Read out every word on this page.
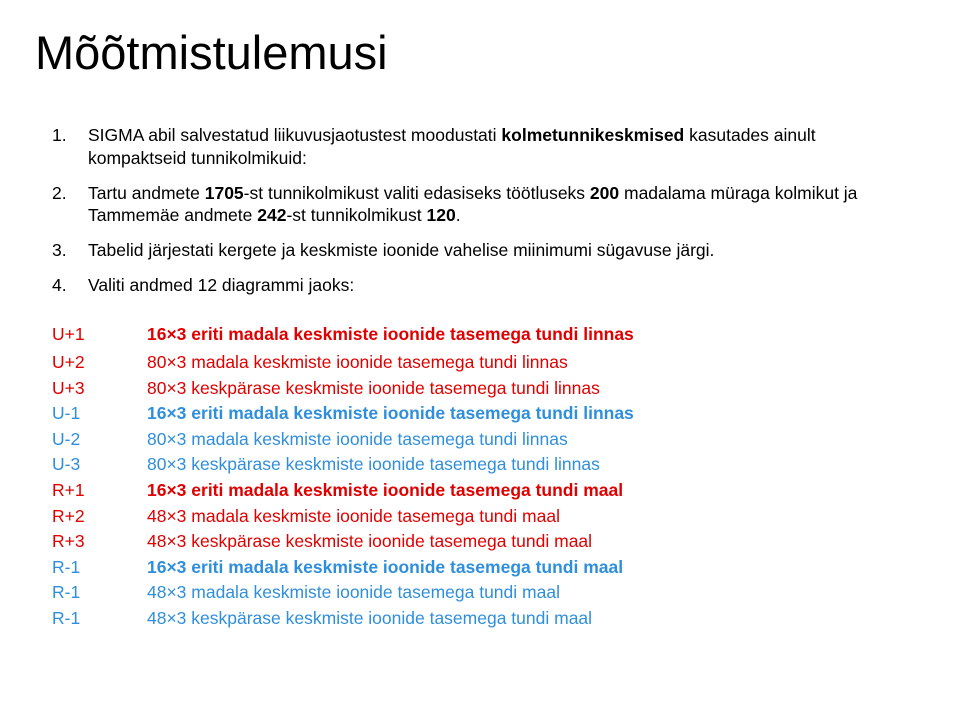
Mõõtmistulemusi
1.	SIGMA abil salvestatud liikuvusjaotustest moodustati kolmetunnikeskmised kasutades ainult kompaktseid tunnikolmikuid:
2.	Tartu andmete 1705-st tunnikolmikust valiti edasiseks töötluseks 200 madalama müraga kolmikut ja Tammemäe andmete 242-st tunnikolmikust 120.
3.	Tabelid järjestati kergete ja keskmiste ioonide vahelise miinimumi sügavuse järgi.
4.	Valiti andmed 12 diagrammi jaoks:
U+1	16×3 eriti madala keskmiste ioonide tasemega tundi linnas
U+2	80×3 madala keskmiste ioonide tasemega tundi linnas
U+3	80×3 keskpärase keskmiste ioonide tasemega tundi linnas
U-1	16×3 eriti madala keskmiste ioonide tasemega tundi linnas
U-2	80×3 madala keskmiste ioonide tasemega tundi linnas
U-3	80×3 keskpärase keskmiste ioonide tasemega tundi linnas
R+1	16×3 eriti madala keskmiste ioonide tasemega tundi maal
R+2	48×3 madala keskmiste ioonide tasemega tundi maal
R+3	48×3 keskpärase keskmiste ioonide tasemega tundi maal
R-1	16×3 eriti madala keskmiste ioonide tasemega tundi maal
R-1	48×3 madala keskmiste ioonide tasemega tundi maal
R-1	48×3 keskpärase keskmiste ioonide tasemega tundi maal
